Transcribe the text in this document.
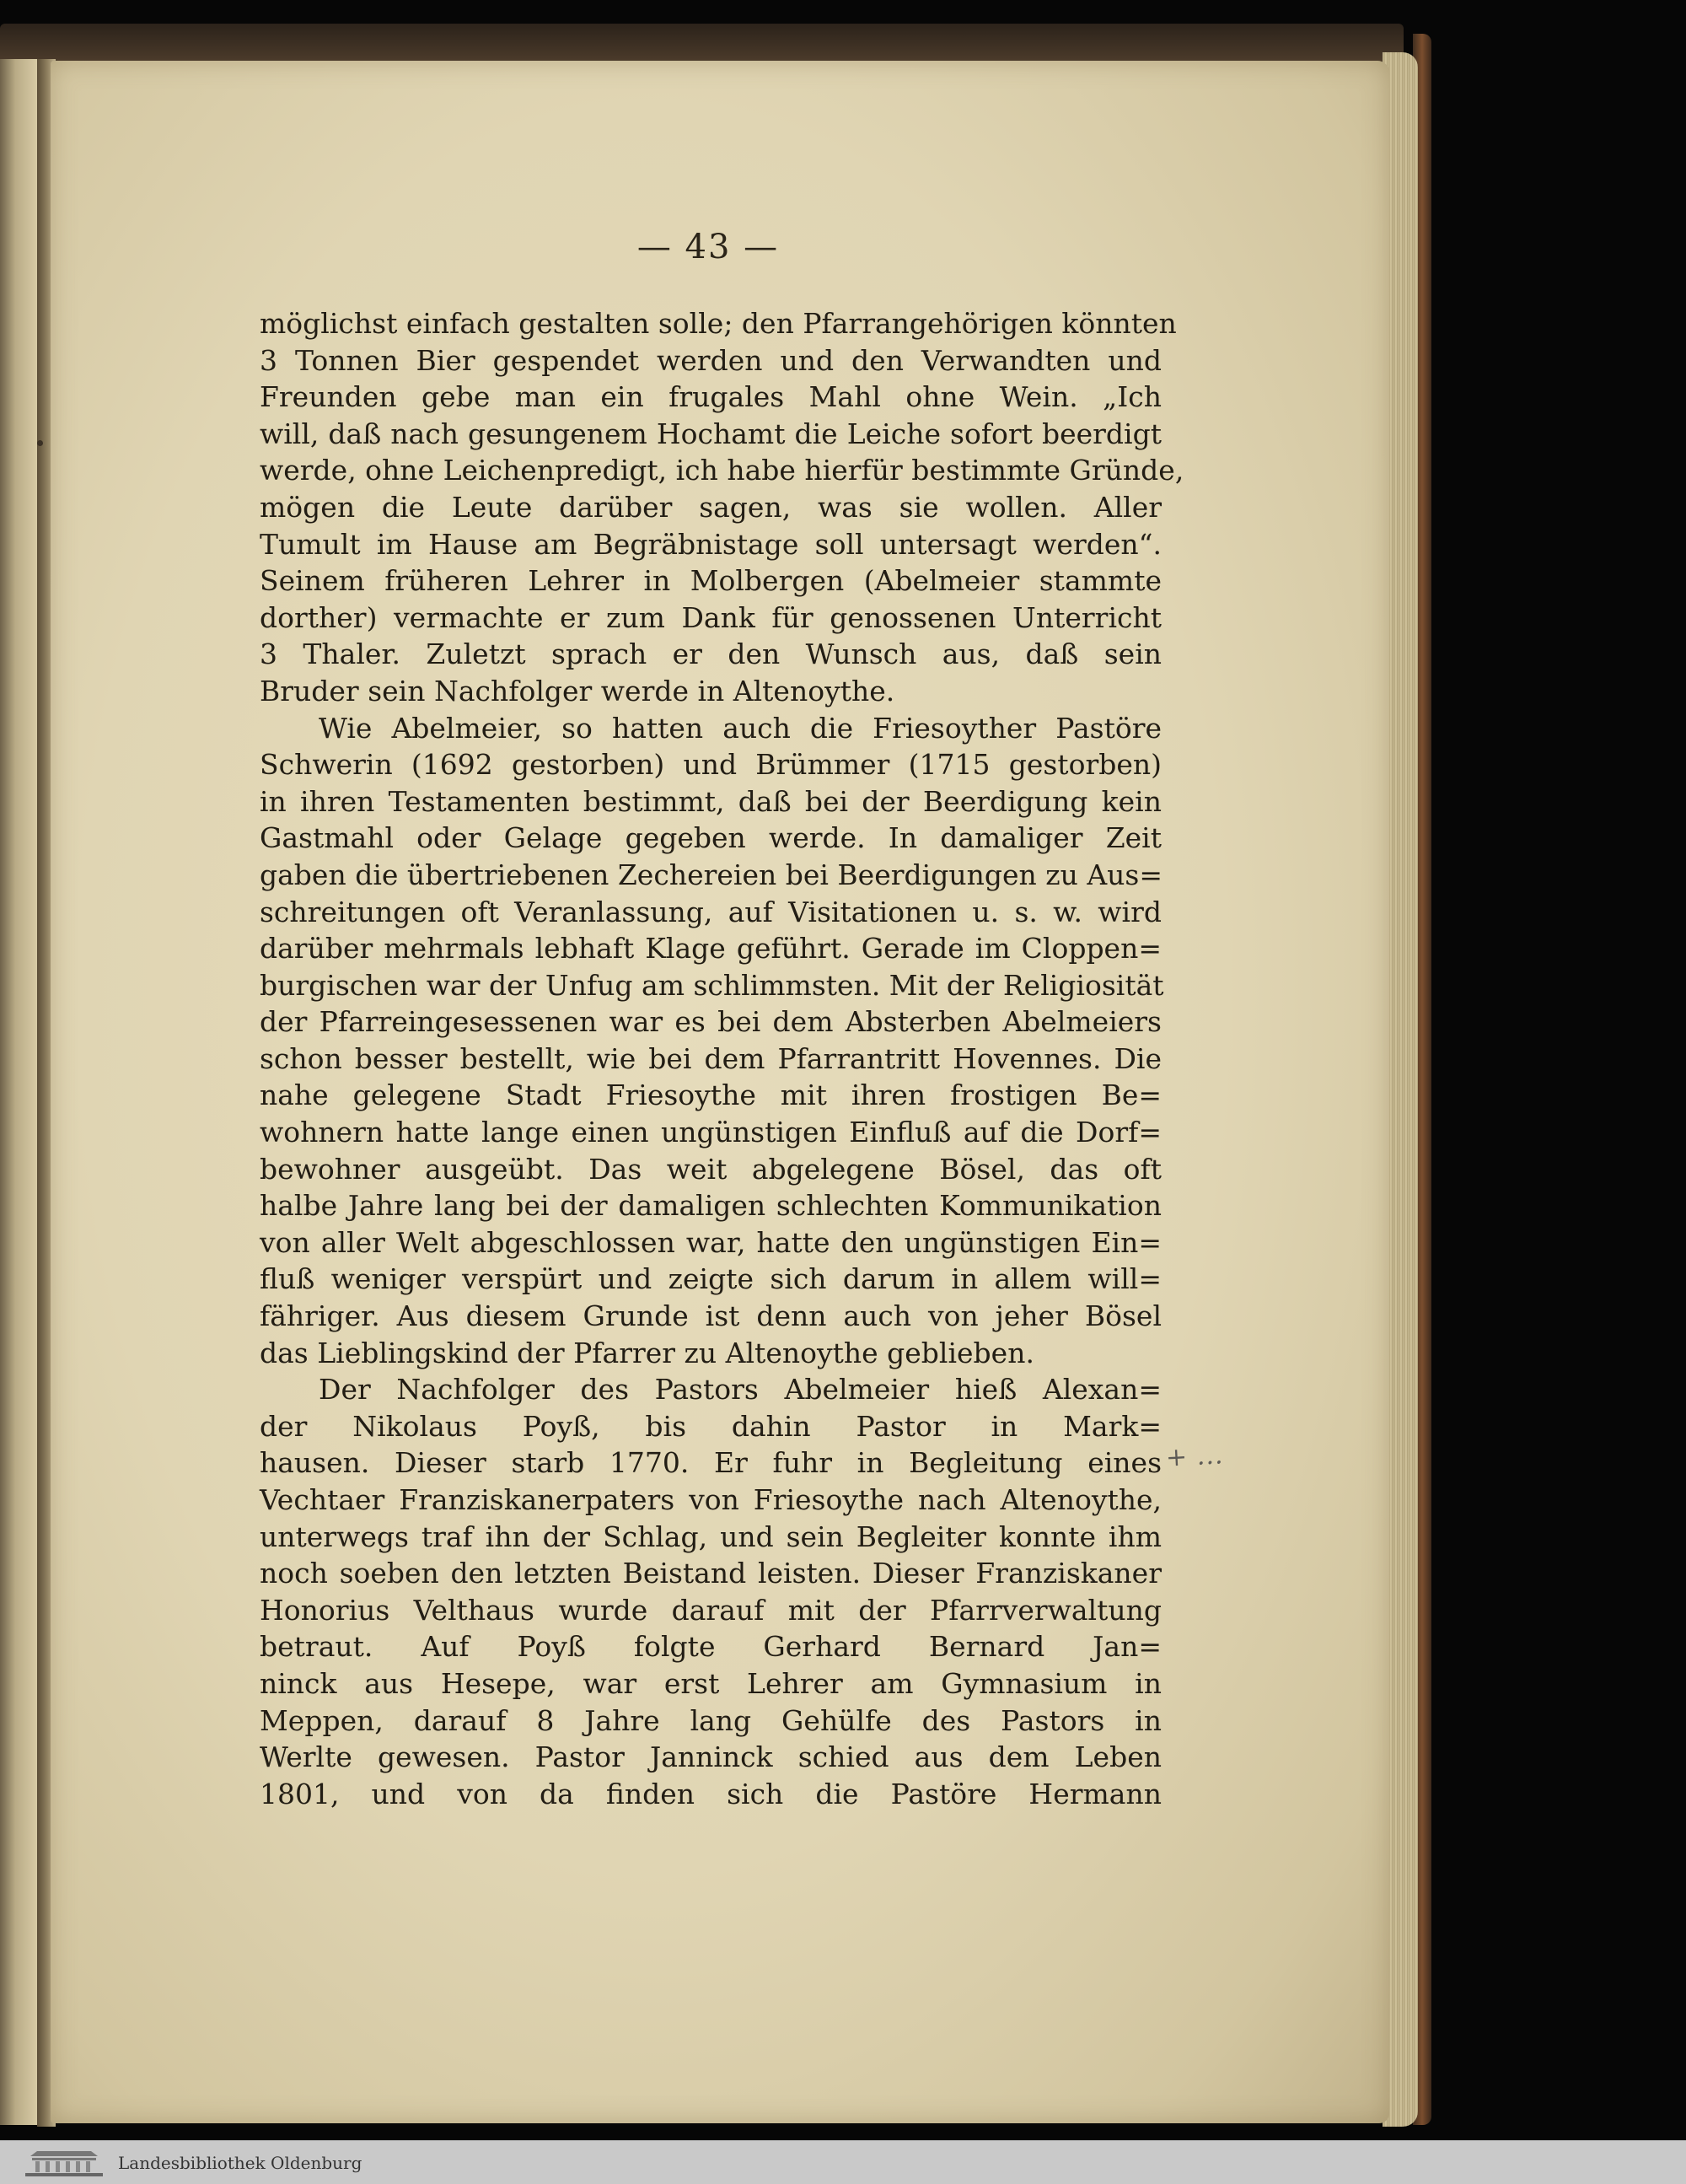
— 43 —
möglichst einfach gestalten solle; den Pfarrangehörigen könnten
3 Tonnen Bier gespendet werden und den Verwandten und
Freunden gebe man ein frugales Mahl ohne Wein. „Ich
will, daß nach gesungenem Hochamt die Leiche sofort beerdigt
werde, ohne Leichenpredigt, ich habe hierfür bestimmte Gründe,
mögen die Leute darüber sagen, was sie wollen. Aller
Tumult im Hause am Begräbnistage soll untersagt werden“.
Seinem früheren Lehrer in Molbergen (Abelmeier stammte
dorther) vermachte er zum Dank für genossenen Unterricht
3 Thaler. Zuletzt sprach er den Wunsch aus, daß sein
Bruder sein Nachfolger werde in Altenoythe.
Wie Abelmeier, so hatten auch die Friesoyther Pastöre
Schwerin (1692 gestorben) und Brümmer (1715 gestorben)
in ihren Testamenten bestimmt, daß bei der Beerdigung kein
Gastmahl oder Gelage gegeben werde. In damaliger Zeit
gaben die übertriebenen Zechereien bei Beerdigungen zu Aus=
schreitungen oft Veranlassung, auf Visitationen u. s. w. wird
darüber mehrmals lebhaft Klage geführt. Gerade im Cloppen=
burgischen war der Unfug am schlimmsten. Mit der Religiosität
der Pfarreingesessenen war es bei dem Absterben Abelmeiers
schon besser bestellt, wie bei dem Pfarrantritt Hovennes. Die
nahe gelegene Stadt Friesoythe mit ihren frostigen Be=
wohnern hatte lange einen ungünstigen Einfluß auf die Dorf=
bewohner ausgeübt. Das weit abgelegene Bösel, das oft
halbe Jahre lang bei der damaligen schlechten Kommunikation
von aller Welt abgeschlossen war, hatte den ungünstigen Ein=
fluß weniger verspürt und zeigte sich darum in allem will=
fähriger. Aus diesem Grunde ist denn auch von jeher Bösel
das Lieblingskind der Pfarrer zu Altenoythe geblieben.
Der Nachfolger des Pastors Abelmeier hieß Alexan=
der Nikolaus Poyß, bis dahin Pastor in Mark=
hausen. Dieser starb 1770. Er fuhr in Begleitung eines
Vechtaer Franziskanerpaters von Friesoythe nach Altenoythe,
unterwegs traf ihn der Schlag, und sein Begleiter konnte ihm
noch soeben den letzten Beistand leisten. Dieser Franziskaner
Honorius Velthaus wurde darauf mit der Pfarrverwaltung
betraut. Auf Poyß folgte Gerhard Bernard Jan=
ninck aus Hesepe, war erst Lehrer am Gymnasium in
Meppen, darauf 8 Jahre lang Gehülfe des Pastors in
Werlte gewesen. Pastor Janninck schied aus dem Leben
1801, und von da finden sich die Pastöre Hermann
+ ...
Landesbibliothek Oldenburg
